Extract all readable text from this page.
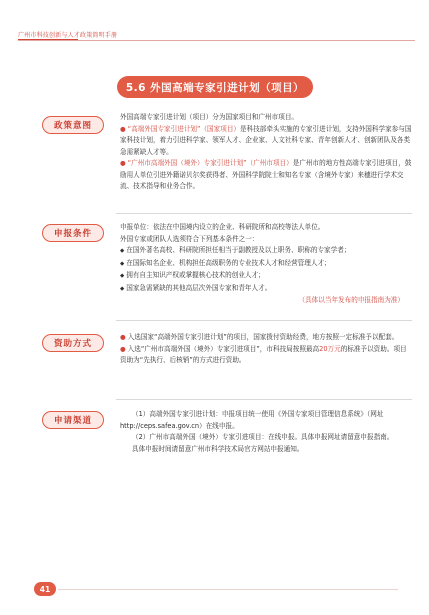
广州市科技创新与人才政策简明手册
5.6 外国高端专家引进计划（项目）
政策意图

外国高端专家引进计划（项目）分为国家项目和广州市项目。

● “高端外国专家引进计划”（国家项目）是科技部牵头实施的专家引进计划，支持外国科学家参与国家科技计划，着力引进科学家、领军人才、企业家、人文社科专家、青年创新人才、创新团队及各类急需紧缺人才等。

● “广州市高端外国（境外）专家引进计划”（广州市项目）是广州市的地方性高端专家引进项目，鼓励用人单位引进外籍诺贝尔奖获得者、外国科学院院士和知名专家（含境外专家）来穗进行学术交流、技术指导和业务合作。

申报条件

申报单位：依法在中国境内设立的企业、科研院所和高校等法人单位。

外国专家或团队人选须符合下列基本条件之一：

◆ 在国外著名高校、科研院所担任相当于副教授及以上职务、职称的专家学者；

◆ 在国际知名企业、机构担任高级职务的专业技术人才和经营管理人才；

◆ 拥有自主知识产权或掌握核心技术的创业人才；

◆ 国家急需紧缺的其他高层次外国专家和青年人才。

（具体以当年发布的申报指南为准）

资助方式

● 入选国家“高端外国专家引进计划”的项目，国家拨付资助经费，地方按照一定标准予以配套。

● 入选“广州市高端外国（境外）专家引进项目”，市科技局按照最高20万元的标准予以资助。项目资助为“先执行、后核销”的方式进行资助。

申请渠道

（1）高端外国专家引进计划：申报项目统一使用《外国专家项目管理信息系统》（网址http://ceps.safea.gov.cn）在线申报。

（2）广州市高端外国（境外）专家引进项目：在线申报。具体申报网址请留意申报指南。

具体申报时间请留意广州市科学技术局官方网站申报通知。

41
